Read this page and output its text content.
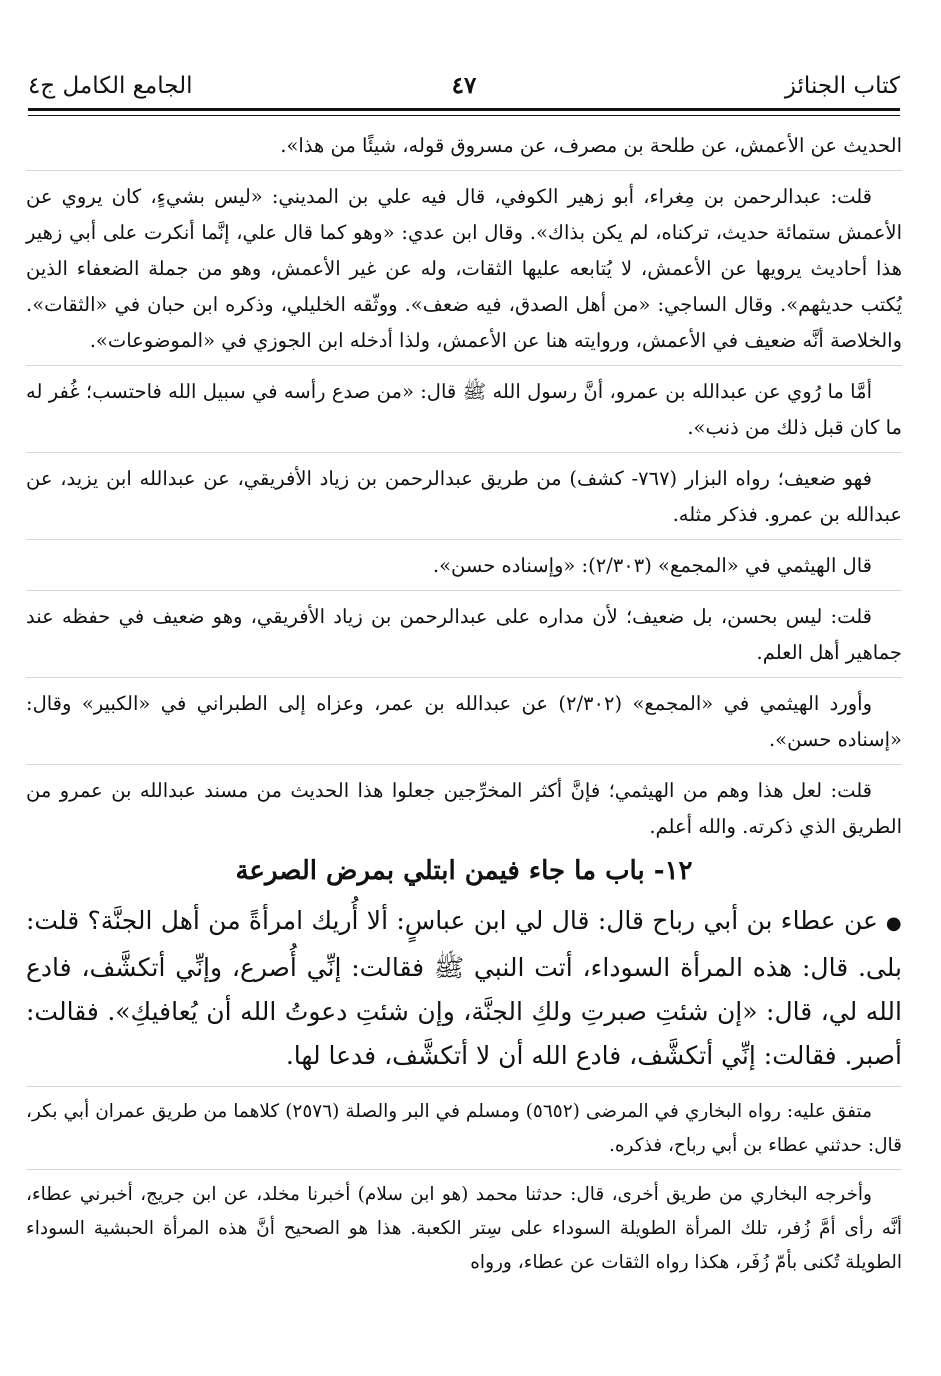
كتاب الجنائز
٤٧
الجامع الكامل ج٤

الحديث عن الأعمش، عن طلحة بن مصرف، عن مسروق قوله، شيئًا من هذا».

قلت: عبدالرحمن بن مِغراء، أبو زهير الكوفي، قال فيه علي بن المديني: «ليس بشيءٍ، كان يروي عن الأعمش ستمائة حديث، تركناه، لم يكن بذاك». وقال ابن عدي: «وهو كما قال علي، إنَّما أنكرت على أبي زهير هذا أحاديث يرويها عن الأعمش، لا يُتابعه عليها الثقات، وله عن غير الأعمش، وهو من جملة الضعفاء الذين يُكتب حديثهم». وقال الساجي: «من أهل الصدق، فيه ضعف». ووثّقه الخليلي، وذكره ابن حبان في «الثقات». والخلاصة أنَّه ضعيف في الأعمش، وروايته هنا عن الأعمش، ولذا أدخله ابن الجوزي في «الموضوعات».

أمَّا ما رُوي عن عبدالله بن عمرو، أنَّ رسول الله ﷺ قال: «من صدع رأسه في سبيل الله فاحتسب؛ غُفر له ما كان قبل ذلك من ذنب».

فهو ضعيف؛ رواه البزار (٧٦٧- كشف) من طريق عبدالرحمن بن زياد الأفريقي، عن عبدالله ابن يزيد، عن عبدالله بن عمرو. فذكر مثله.

قال الهيثمي في «المجمع» (٢/٣٠٣): «وإسناده حسن».

قلت: ليس بحسن، بل ضعيف؛ لأن مداره على عبدالرحمن بن زياد الأفريقي، وهو ضعيف في حفظه عند جماهير أهل العلم.

وأورد الهيثمي في «المجمع» (٢/٣٠٢) عن عبدالله بن عمر، وعزاه إلى الطبراني في «الكبير» وقال: «إسناده حسن».

قلت: لعل هذا وهم من الهيثمي؛ فإنَّ أكثر المخرِّجين جعلوا هذا الحديث من مسند عبدالله بن عمرو من الطريق الذي ذكرته. والله أعلم.

١٢- باب ما جاء فيمن ابتلي بمرض الصرعة

●عن عطاء بن أبي رباح قال: قال لي ابن عباسٍ: ألا أُريك امرأةً من أهل الجنَّة؟ قلت: بلى. قال: هذه المرأة السوداء، أتت النبي ﷺ فقالت: إنِّي أُصرع، وإنِّي أتكشَّف، فادع الله لي، قال: «إن شئتِ صبرتِ ولكِ الجنَّة، وإن شئتِ دعوتُ الله أن يُعافيكِ». فقالت: أصبر. فقالت: إنِّي أتكشَّف، فادع الله أن لا أتكشَّف، فدعا لها.

متفق عليه: رواه البخاري في المرضى (٥٦٥٢) ومسلم في البر والصلة (٢٥٧٦) كلاهما من طريق عمران أبي بكر، قال: حدثني عطاء بن أبي رباح، فذكره.

وأخرجه البخاري من طريق أخرى، قال: حدثنا محمد (هو ابن سلام) أخبرنا مخلد، عن ابن جريج، أخبرني عطاء، أنَّه رأى أمَّ زُفر، تلك المرأة الطويلة السوداء على سِتر الكعبة. هذا هو الصحيح أنَّ هذه المرأة الحبشية السوداء الطويلة تُكنى بأمّ زُفَر، هكذا رواه الثقات عن عطاء، ورواه
